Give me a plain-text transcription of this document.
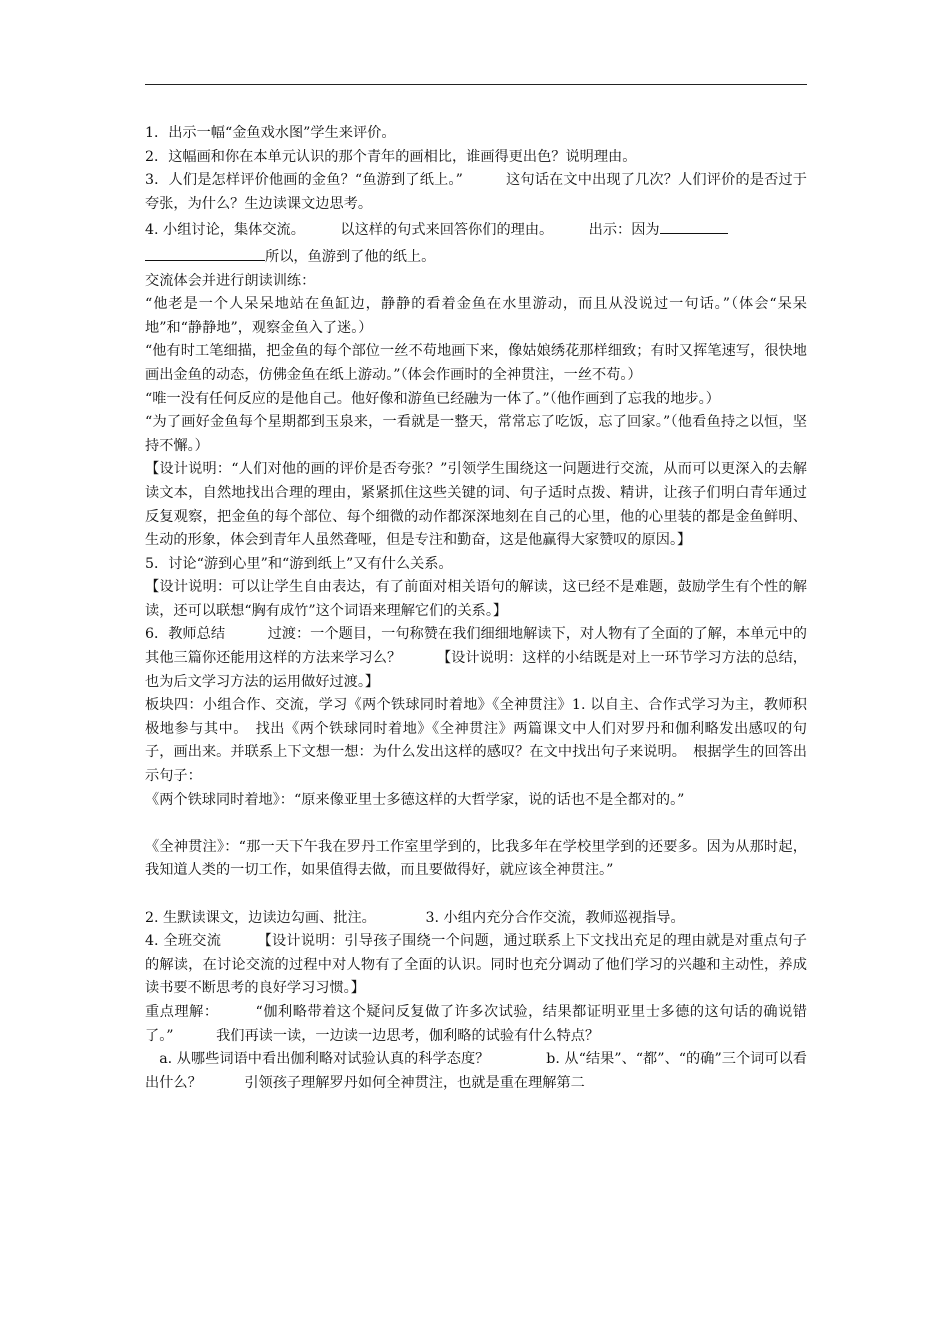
1．出示一幅“金鱼戏水图”学生来评价。

2．这幅画和你在本单元认识的那个青年的画相比，谁画得更出色？说明理由。

3．人们是怎样评价他画的金鱼？“鱼游到了纸上。”　　　这句话在文中出现了几次？人们评价的是否过于夸张，为什么？生边读课文边思考。

4. 小组讨论，集体交流。　　　以这样的句式来回答你们的理由。　　　出示：因为

所以，鱼游到了他的纸上。

交流体会并进行朗读训练：

“他老是一个人呆呆地站在鱼缸边，静静的看着金鱼在水里游动，而且从没说过一句话。”（体会“呆呆地”和“静静地”，观察金鱼入了迷。）

“他有时工笔细描，把金鱼的每个部位一丝不苟地画下来，像姑娘绣花那样细致；有时又挥笔速写，很快地画出金鱼的动态，仿佛金鱼在纸上游动。”（体会作画时的全神贯注，一丝不苟。）

“唯一没有任何反应的是他自己。他好像和游鱼已经融为一体了。”（他作画到了忘我的地步。）

“为了画好金鱼每个星期都到玉泉来，一看就是一整天，常常忘了吃饭，忘了回家。”（他看鱼持之以恒，坚持不懈。）

【设计说明：“人们对他的画的评价是否夸张？”引领学生围绕这一问题进行交流，从而可以更深入的去解读文本，自然地找出合理的理由，紧紧抓住这些关键的词、句子适时点拨、精讲，让孩子们明白青年通过反复观察，把金鱼的每个部位、每个细微的动作都深深地刻在自己的心里，他的心里装的都是金鱼鲜明、生动的形象，体会到青年人虽然聋哑，但是专注和勤奋，这是他赢得大家赞叹的原因。】

5．讨论“游到心里”和“游到纸上”又有什么关系。

【设计说明：可以让学生自由表达，有了前面对相关语句的解读，这已经不是难题，鼓励学生有个性的解读，还可以联想“胸有成竹”这个词语来理解它们的关系。】

6．教师总结　　　过渡：一个题目，一句称赞在我们细细地解读下，对人物有了全面的了解，本单元中的其他三篇你还能用这样的方法来学习么？　　　【设计说明：这样的小结既是对上一环节学习方法的总结，也为后文学习方法的运用做好过渡。】

板块四：小组合作、交流，学习《两个铁球同时着地》《全神贯注》1. 以自主、合作式学习为主，教师积极地参与其中。　找出《两个铁球同时着地》《全神贯注》两篇课文中人们对罗丹和伽利略发出感叹的句子，画出来。并联系上下文想一想：为什么发出这样的感叹？在文中找出句子来说明。　根据学生的回答出示句子：

《两个铁球同时着地》：“原来像亚里士多德这样的大哲学家，说的话也不是全都对的。”

《全神贯注》：“那一天下午我在罗丹工作室里学到的，比我多年在学校里学到的还要多。因为从那时起，我知道人类的一切工作，如果值得去做，而且要做得好，就应该全神贯注。”

2. 生默读课文，边读边勾画、批注。　　　　3. 小组内充分合作交流，教师巡视指导。

4. 全班交流　　　【设计说明：引导孩子围绕一个问题，通过联系上下文找出充足的理由就是对重点句子的解读，在讨论交流的过程中对人物有了全面的认识。同时也充分调动了他们学习的兴趣和主动性，养成读书要不断思考的良好学习习惯。】

重点理解：　　　“伽利略带着这个疑问反复做了许多次试验，结果都证明亚里士多德的这句话的确说错了。”　　　我们再读一读，一边读一边思考，伽利略的试验有什么特点？

　a. 从哪些词语中看出伽利略对试验认真的科学态度？　　　　b. 从“结果”、“都”、“的确”三个词可以看出什么？　　　引领孩子理解罗丹如何全神贯注，也就是重在理解第二
